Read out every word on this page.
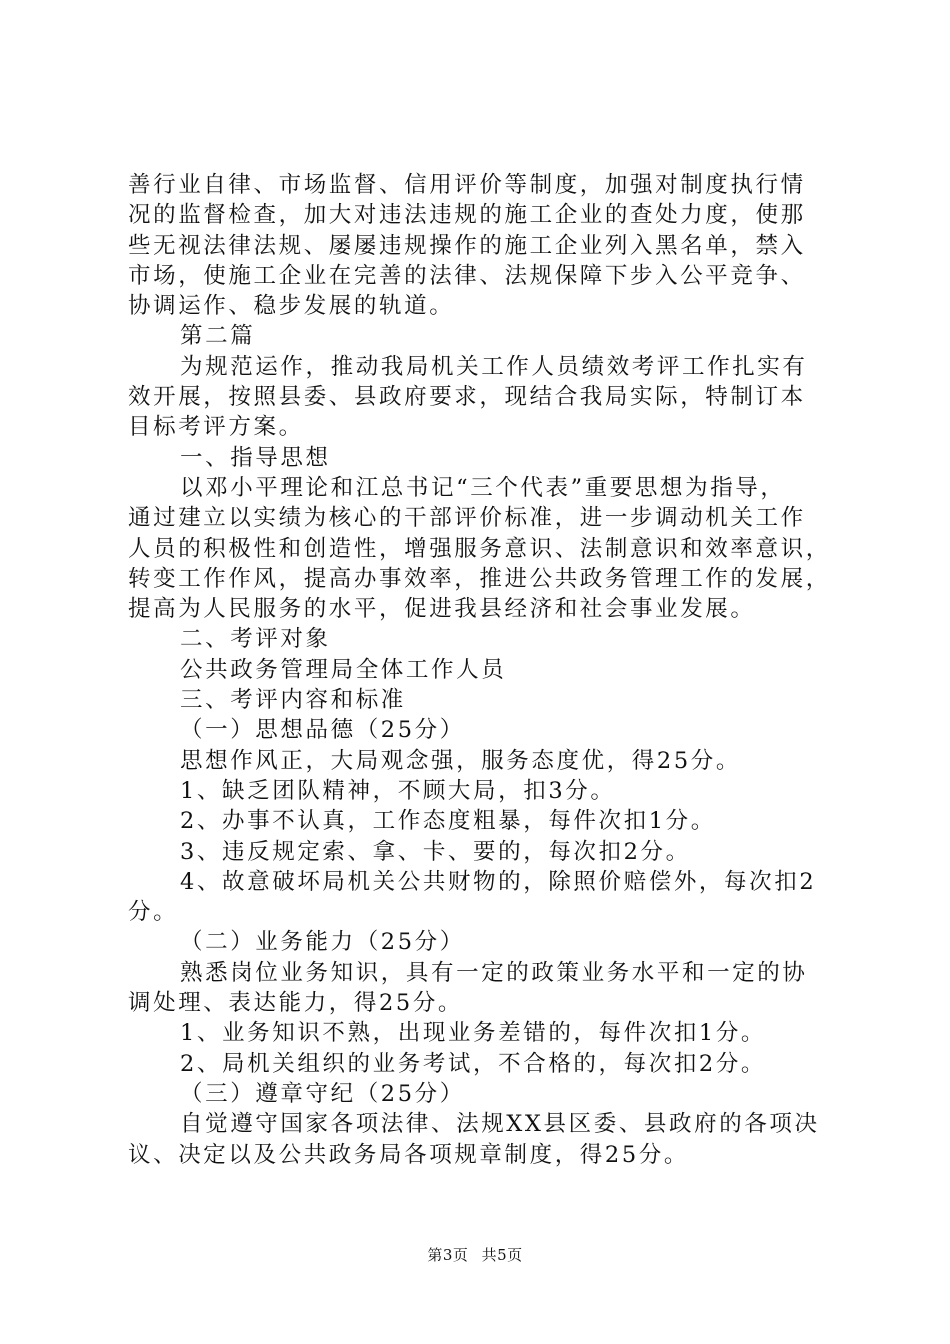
善行业自律、市场监督、信用评价等制度，加强对制度执行情
况的监督检查，加大对违法违规的施工企业的查处力度，使那
些无视法律法规、屡屡违规操作的施工企业列入黑名单，禁入
市场，使施工企业在完善的法律、法规保障下步入公平竞争、
协调运作、稳步发展的轨道。
第二篇
为规范运作，推动我局机关工作人员绩效考评工作扎实有
效开展，按照县委、县政府要求，现结合我局实际，特制订本
目标考评方案。
一、指导思想
以邓小平理论和江总书记“三个代表”重要思想为指导，
通过建立以实绩为核心的干部评价标准，进一步调动机关工作
人员的积极性和创造性，增强服务意识、法制意识和效率意识，
转变工作作风，提高办事效率，推进公共政务管理工作的发展，
提高为人民服务的水平，促进我县经济和社会事业发展。
二、考评对象
公共政务管理局全体工作人员
三、考评内容和标准
（一）思想品德（25分）
思想作风正，大局观念强，服务态度优，得25分。
1、缺乏团队精神，不顾大局，扣3分。
2、办事不认真，工作态度粗暴，每件次扣1分。
3、违反规定索、拿、卡、要的，每次扣2分。
4、故意破坏局机关公共财物的，除照价赔偿外，每次扣2
分。
（二）业务能力（25分）
熟悉岗位业务知识，具有一定的政策业务水平和一定的协
调处理、表达能力，得25分。
1、业务知识不熟，出现业务差错的，每件次扣1分。
2、局机关组织的业务考试，不合格的，每次扣2分。
（三）遵章守纪（25分）
自觉遵守国家各项法律、法规XX县区委、县政府的各项决
议、决定以及公共政务局各项规章制度，得25分。
第3页 共5页
